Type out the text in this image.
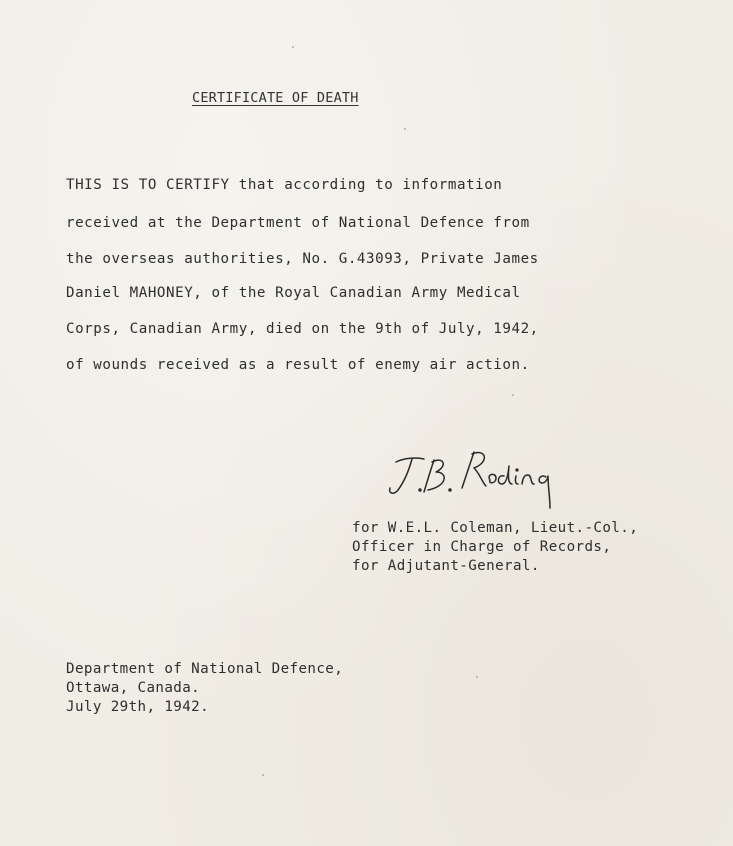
CERTIFICATE OF DEATH
THIS IS TO CERTIFY that according to information
received at the Department of National Defence from
the overseas authorities, No. G.43093, Private James
Daniel MAHONEY, of the Royal Canadian Army Medical
Corps, Canadian Army, died on the 9th of July, 1942,
of wounds received as a result of enemy air action.
for W.E.L. Coleman, Lieut.-Col.,
Officer in Charge of Records,
for Adjutant-General.
Department of National Defence,
Ottawa, Canada.
July 29th, 1942.
